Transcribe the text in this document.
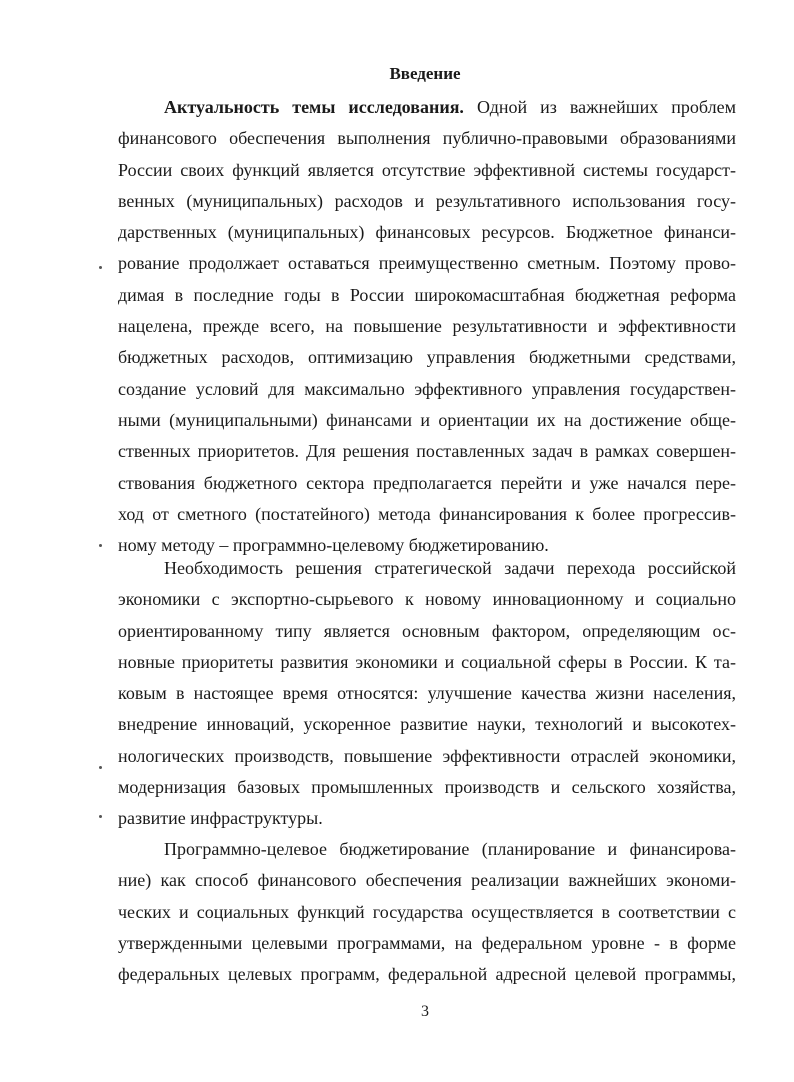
Введение
Актуальность темы исследования. Одной из важнейших проблем
финансового обеспечения выполнения публично-правовыми образованиями
России своих функций является отсутствие эффективной системы государст-
венных (муниципальных) расходов и результативного использования госу-
дарственных (муниципальных) финансовых ресурсов. Бюджетное финанси-
рование продолжает оставаться преимущественно сметным. Поэтому прово-
димая в последние годы в России широкомасштабная бюджетная реформа
нацелена, прежде всего, на повышение результативности и эффективности
бюджетных расходов, оптимизацию управления бюджетными средствами,
создание условий для максимально эффективного управления государствен-
ными (муниципальными) финансами и ориентации их на достижение обще-
ственных приоритетов. Для решения поставленных задач в рамках совершен-
ствования бюджетного сектора предполагается перейти и уже начался пере-
ход от сметного (постатейного) метода финансирования к более прогрессив-
ному методу – программно-целевому бюджетированию.
Необходимость решения стратегической задачи перехода российской
экономики с экспортно-сырьевого к новому инновационному и социально
ориентированному типу является основным фактором, определяющим ос-
новные приоритеты развития экономики и социальной сферы в России. К та-
ковым в настоящее время относятся: улучшение качества жизни населения,
внедрение инноваций, ускоренное развитие науки, технологий и высокотех-
нологических производств, повышение эффективности отраслей экономики,
модернизация базовых промышленных производств и сельского хозяйства,
развитие инфраструктуры.
Программно-целевое бюджетирование (планирование и финансирова-
ние) как способ финансового обеспечения реализации важнейших экономи-
ческих и социальных функций государства осуществляется в соответствии с
утвержденными целевыми программами, на федеральном уровне - в форме
федеральных целевых программ, федеральной адресной целевой программы,

3
